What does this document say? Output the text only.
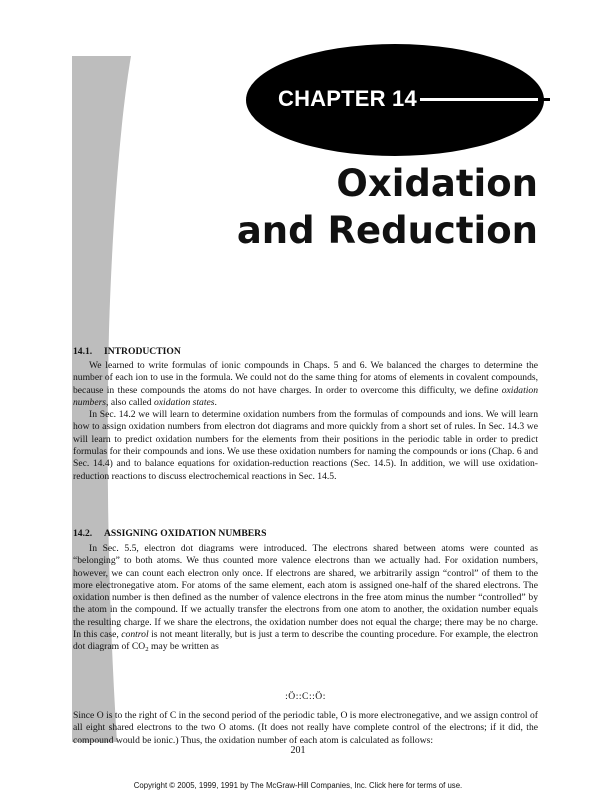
CHAPTER 14
Oxidation
and Reduction
14.1. INTRODUCTION

We learned to write formulas of ionic compounds in Chaps. 5 and 6. We balanced the charges to determine the number of each ion to use in the formula. We could not do the same thing for atoms of elements in covalent compounds, because in these compounds the atoms do not have charges. In order to overcome this difficulty, we define oxidation numbers, also called oxidation states.

In Sec. 14.2 we will learn to determine oxidation numbers from the formulas of compounds and ions. We will learn how to assign oxidation numbers from electron dot diagrams and more quickly from a short set of rules. In Sec. 14.3 we will learn to predict oxidation numbers for the elements from their positions in the periodic table in order to predict formulas for their compounds and ions. We use these oxidation numbers for naming the compounds or ions (Chap. 6 and Sec. 14.4) and to balance equations for oxidation-reduction reactions (Sec. 14.5). In addition, we will use oxidation-reduction reactions to discuss electrochemical reactions in Sec. 14.5.

14.2. ASSIGNING OXIDATION NUMBERS

In Sec. 5.5, electron dot diagrams were introduced. The electrons shared between atoms were counted as “belonging” to both atoms. We thus counted more valence electrons than we actually had. For oxidation numbers, however, we can count each electron only once. If electrons are shared, we arbitrarily assign “control” of them to the more electronegative atom. For atoms of the same element, each atom is assigned one-half of the shared electrons. The oxidation number is then defined as the number of valence electrons in the free atom minus the number “controlled” by the atom in the compound. If we actually transfer the electrons from one atom to another, the oxidation number equals the resulting charge. If we share the electrons, the oxidation number does not equal the charge; there may be no charge. In this case, control is not meant literally, but is just a term to describe the counting procedure. For example, the electron dot diagram of $CO_2$ may be written as

:Ö::C::Ö:

Since O is to the right of C in the second period of the periodic table, O is more electronegative, and we assign control of all eight shared electrons to the two O atoms. (It does not really have complete control of the electrons; if it did, the compound would be ionic.) Thus, the oxidation number of each atom is calculated as follows:

201
Copyright © 2005, 1999, 1991 by The McGraw-Hill Companies, Inc. Click here for terms of use.
